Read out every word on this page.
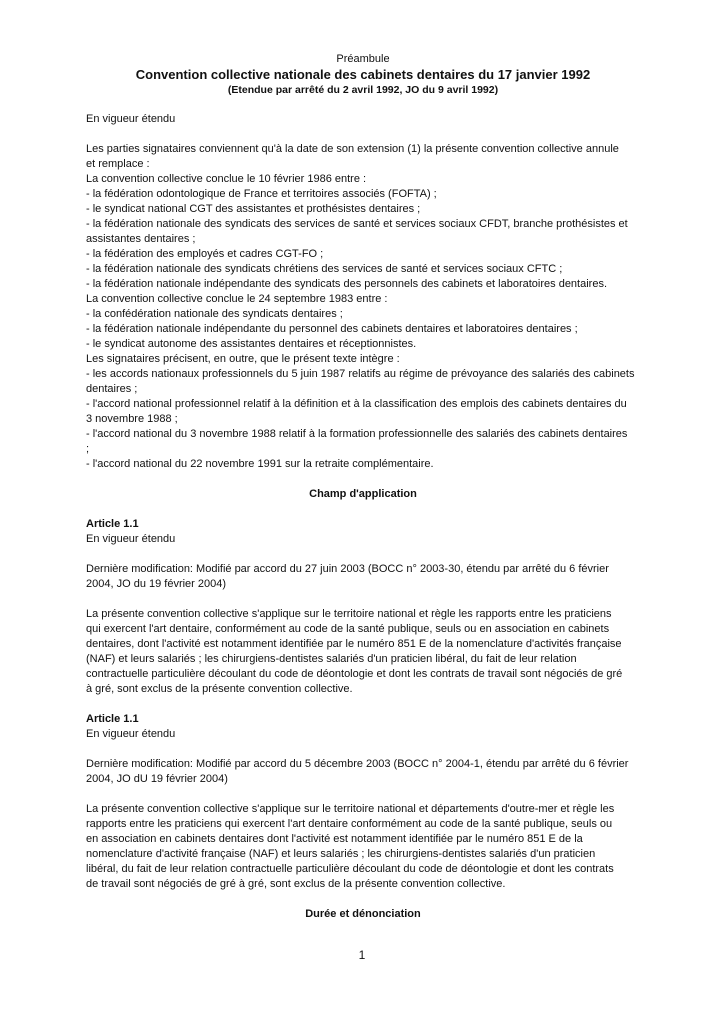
Préambule
Convention collective nationale des cabinets dentaires du 17 janvier 1992
(Etendue par arrêté du 2 avril 1992, JO du 9 avril 1992)
En vigueur étendu
Les parties signataires conviennent qu'à la date de son extension (1) la présente convention collective annule
et remplace :
La convention collective conclue le 10 février 1986 entre :
- la fédération odontologique de France et territoires associés (FOFTA) ;
- le syndicat national CGT des assistantes et prothésistes dentaires ;
- la fédération nationale des syndicats des services de santé et services sociaux CFDT, branche prothésistes et
assistantes dentaires ;
- la fédération des employés et cadres CGT-FO ;
- la fédération nationale des syndicats chrétiens des services de santé et services sociaux CFTC ;
- la fédération nationale indépendante des syndicats des personnels des cabinets et laboratoires dentaires.
La convention collective conclue le 24 septembre 1983 entre :
- la confédération nationale des syndicats dentaires ;
- la fédération nationale indépendante du personnel des cabinets dentaires et laboratoires dentaires ;
- le syndicat autonome des assistantes dentaires et réceptionnistes.
Les signataires précisent, en outre, que le présent texte intègre :
- les accords nationaux professionnels du 5 juin 1987 relatifs au régime de prévoyance des salariés des cabinets
dentaires ;
- l'accord national professionnel relatif à la définition et à la classification des emplois des cabinets dentaires du
3 novembre 1988 ;
- l'accord national du 3 novembre 1988 relatif à la formation professionnelle des salariés des cabinets dentaires
;
- l'accord national du 22 novembre 1991 sur la retraite complémentaire.
Champ d'application
Article 1.1
En vigueur étendu
Dernière modification: Modifié par accord du 27 juin 2003 (BOCC n° 2003-30, étendu par arrêté du 6 février
2004, JO du 19 février 2004)
La présente convention collective s'applique sur le territoire national et règle les rapports entre les praticiens
qui exercent l'art dentaire, conformément au code de la santé publique, seuls ou en association en cabinets
dentaires, dont l'activité est notamment identifiée par le numéro 851 E de la nomenclature d'activités française
(NAF) et leurs salariés ; les chirurgiens-dentistes salariés d'un praticien libéral, du fait de leur relation
contractuelle particulière découlant du code de déontologie et dont les contrats de travail sont négociés de gré
à gré, sont exclus de la présente convention collective.
Article 1.1
En vigueur étendu
Dernière modification: Modifié par accord du 5 décembre 2003 (BOCC n° 2004-1, étendu par arrêté du 6 février
2004, JO dU 19 février 2004)
La présente convention collective s'applique sur le territoire national et départements d'outre-mer et règle les
rapports entre les praticiens qui exercent l'art dentaire conformément au code de la santé publique, seuls ou
en association en cabinets dentaires dont l'activité est notamment identifiée par le numéro 851 E de la
nomenclature d'activité française (NAF) et leurs salariés ; les chirurgiens-dentistes salariés d'un praticien
libéral, du fait de leur relation contractuelle particulière découlant du code de déontologie et dont les contrats
de travail sont négociés de gré à gré, sont exclus de la présente convention collective.
Durée et dénonciation
1
